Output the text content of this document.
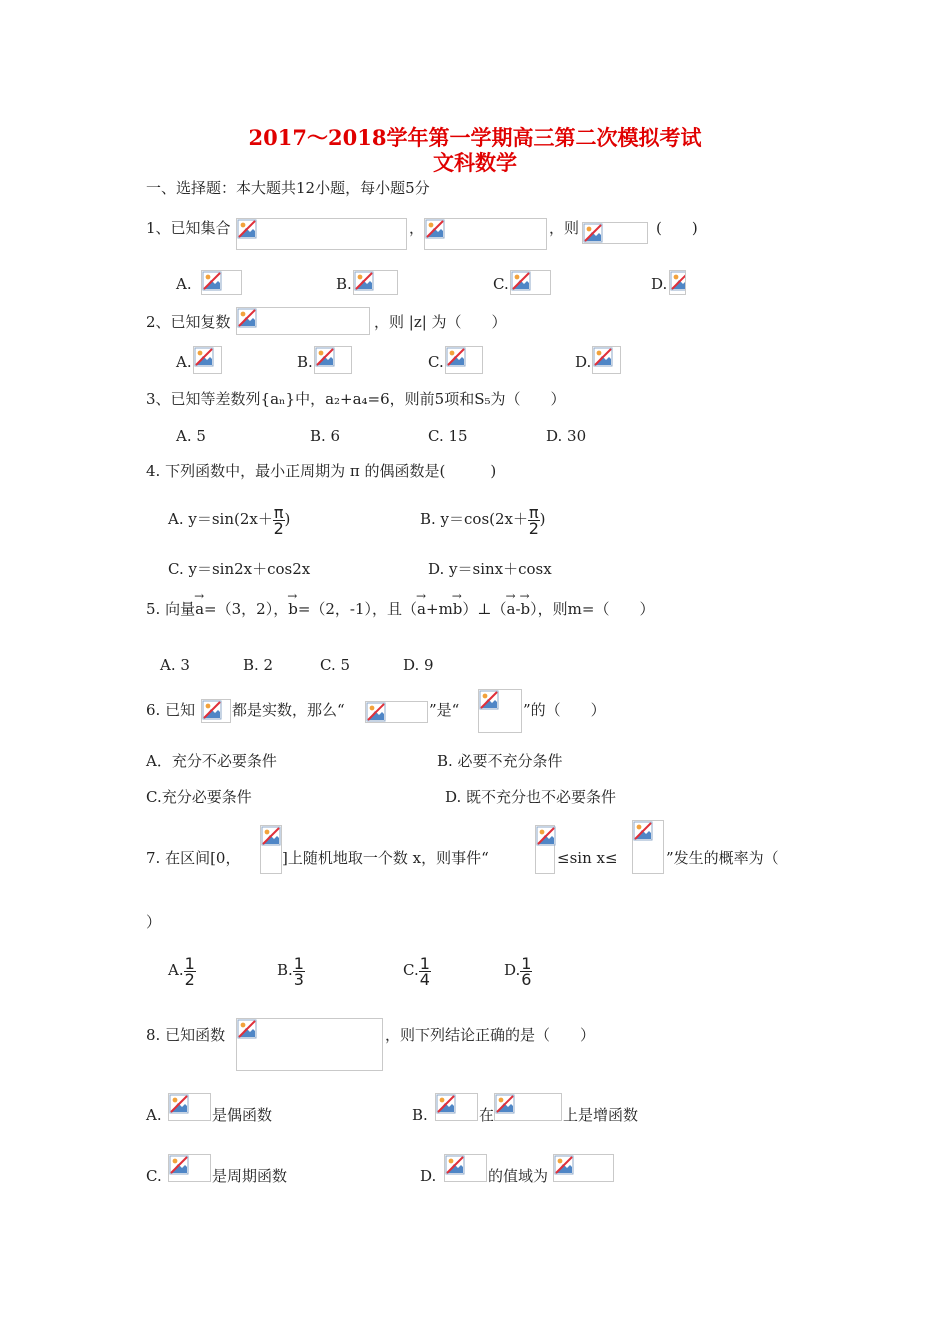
2017～2018学年第一学期高三第二次模拟考试
文科数学
一、选择题：本大题共12小题，每小题5分
1、已知集合	，	，则	(　　)
A.	B.	C.	D.
2、已知复数	，则 |z| 为（　　）
A.	B.	C.	D.
3、已知等差数列{aₙ}中，a₂+a₄=6，则前5项和S₅为（　　）
A. 5	B. 6	C. 15	D. 30
4. 下列函数中，最小正周期为 π 的偶函数是(　　　)
A. $y=\sin(2x+ \frac{\pi}{2}$ )	B. $y=\cos(2x+ \frac{\pi}{2}$ )
C. y＝sin2x＋cos2x	D. y＝sinx＋cosx
5. 向量→ a=（3，2），→ b=（2，-1），且（→ a+m→ b）⊥（→ a-→ b），则m=（　　）
A. 3	B. 2	C. 5	D. 9
6. 已知 都是实数，那么“	”是“	”的（　　）
A．充分不必要条件	B. 必要不充分条件
C.充分必要条件	D. 既不充分也不必要条件
7. 在区间[0，	]上随机地取一个数 x，则事件“	≤sin x≤	”发生的概率为（
）
A. $\frac{1}{2}$	B. $\frac{1}{3}$	C. $\frac{1}{4}$	D. $\frac{1}{6}$
8. 已知函数	，则下列结论正确的是（　　）
A.	是偶函数	B.	在	上是增函数
C.	是周期函数	D.	的值域为
